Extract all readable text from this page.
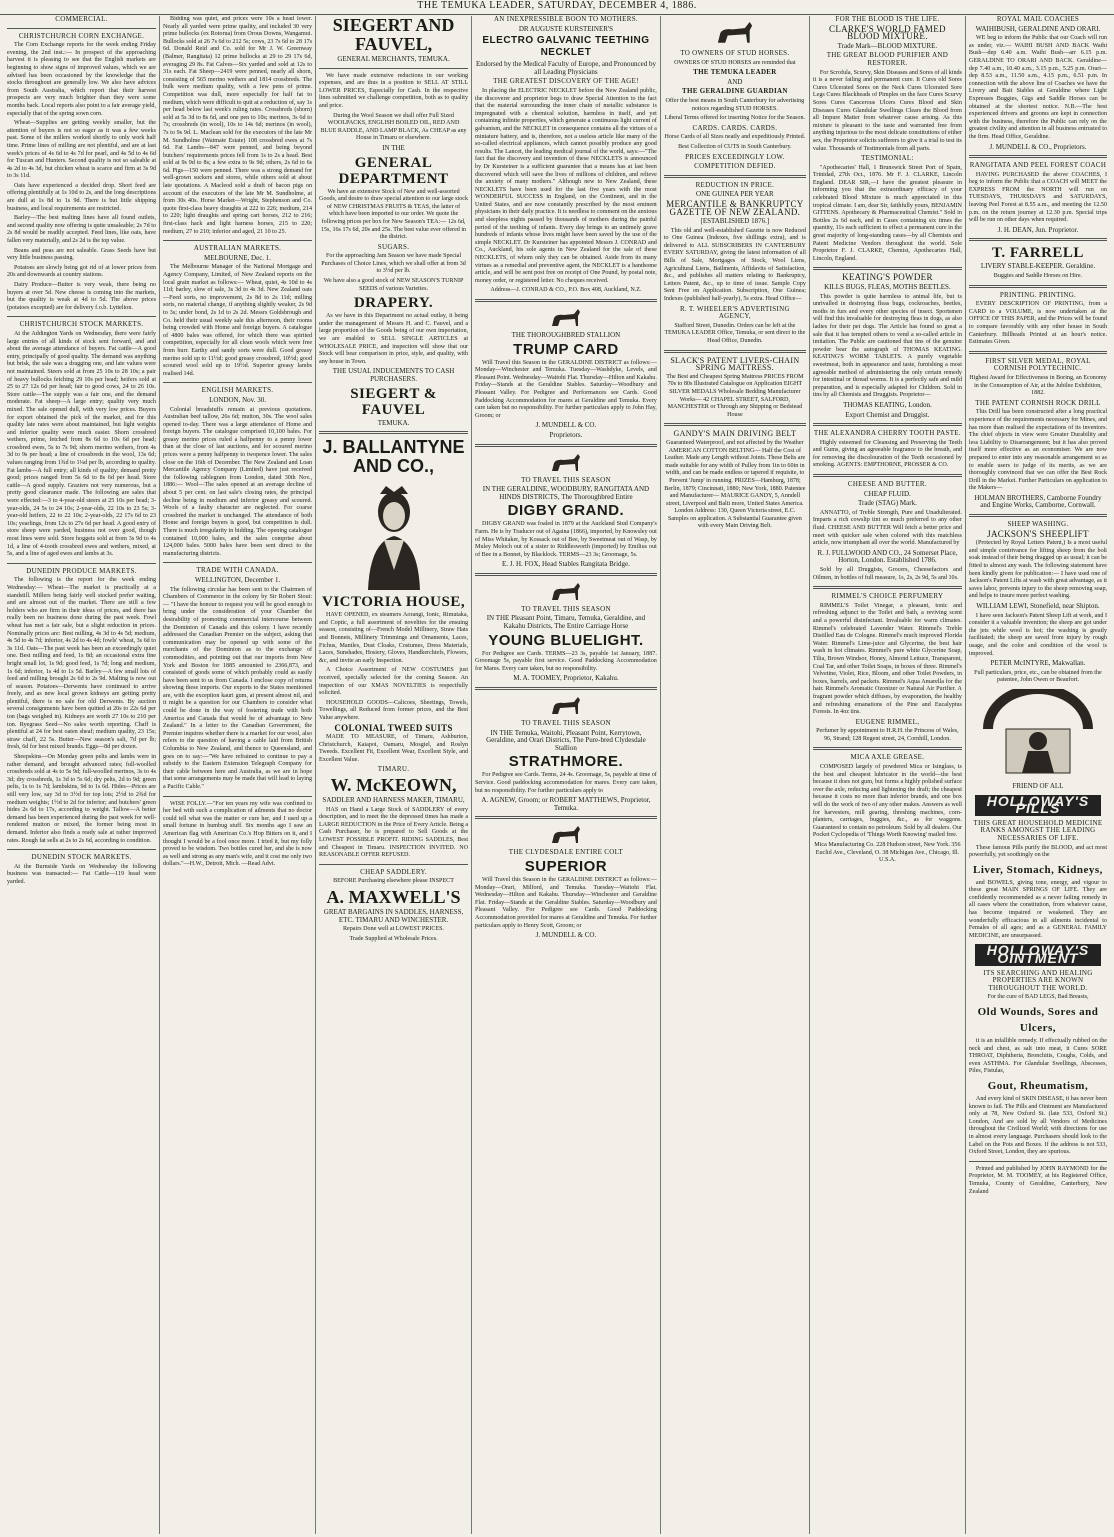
THE TEMUKA LEADER, SATURDAY, DECEMBER 4, 1886.

COMMERCIAL.

CHRISTCHURCH CORN EXCHANGE.

The Corn Exchange reports for the week ending Friday evening, the 2nd inst.:— In prospect of the approaching harvest it is pleasing to see that the English markets are beginning to show signs of improved values, which we are advised has been occasioned by the knowledge that the stocks throughout are generally low. We also have advices from South Australia, which report that their harvest prospects are very much brighter than they were some months back. Local reports also point to a fair average yield, especially that of the spring sown corn.

Wheat—Supplies are getting weekly smaller, but the attention of buyers is not so eager as it was a few weeks past. Some of the millers worked shortly to only work half time. Prime lines of milling are not plentiful, and are at last week's prices of 4s 6d to 4s 7d for pearl, and 4s 5d to 4s 6d for Tuscan and Hunters. Second quality is not so saleable at 4s 2d to 4s 3d, but chicken wheat is scarce and firm at 3s 9d to 3s 11d.

Oats have experienced a decided drop. Short feed are offering plentifully at 1s 10d to 2s, and the long descriptions are dull at 1s 8d to 1s 9d. There is but little shipping business, and local requirements are restricted.

Barley—The best malting lines have all found outlets, and second quality now offering is quite unsaleable; 2s 7d to 2s 8d would be readily accepted. Feed lines, like oats, have fallen very materially, and 2s 2d is the top value.

Beans and peas are not saleable. Grass Seeds have but very little business passing.

Potatoes are slowly being got rid of at lower prices from 20s and downwards at country stations.

Dairy Produce—Butter is very weak, there being no buyers at over 5d. New cheese is coming into the markets, but the quality is weak at 4d to 5d. The above prices (potatoes excepted) are for delivery f.o.b. Lyttelton.

CHRISTCHURCH STOCK MARKETS.

At the Addington Yards on Wednesday, there were fairly large entries of all kinds of stock sent forward, and and about the average attendance of buyers. Fat cattle—A good entry, principally of good quality. The demand was anything but brisk, the sale was a dragging one, and late values were not maintained. Steers sold at from 25 10s to 28 10s; a pair of heavy bullocks fetching 29 10s per head; heifers sold at 25 to 27 12s 6d per head; fair to good cows, 24 to 26 10s. Store cattle—The supply was a fair one, and the demand moderate. Fat sheep—A large entry; quality very much mixed. The sale opened dull, with very low prices. Buyers for export obtained the pick of the market, and for this quality late rates were about maintained, but light weights and inferior quality were much easier. Shorn crossbred wethers, prime, fetched from 8s 6d to 10s 6d per head; crossbred ewes, 5s to 7s 9d; shorn merino wethers, from 4s 3d to 9s per head; a line of crossbreds in the wool, 13s 6d; values ranging from 1¾d to 1¼d per lb, according to quality. Fat lambs—A full entry; all kinds of quality; demand pretty good; prices ranged from 5s 6d to 8s 6d per head. Store cattle—A good supply. Graziers not very numerous, but a pretty good clearance made. The following are sales that were effected:—3 to 4-year-old steers at 25 10s per head; 3-year-olds, 24 5s to 24 10s; 2-year-olds, 22 10s to 23 5s; 3-year-old heifers, 22 to 22 10s; 2-year-olds, 22 17s 6d to 23 10s; yearlings, from 12s to 27s 6d per head. A good entry of store sheep were yarded, business not over good, though most lines were sold. Store hoggets sold at from 3s 9d to 4s 1d, a line of 4-tooth crossbred ewes and wethers, mixed, at 5s, and a line of aged ewes and lambs at 3s.

DUNEDIN PRODUCE MARKETS.

The following is the report for the week ending Wednesday:— Wheat—The market is practically at a standstill. Millers being fairly well stocked prefer waiting, and are almost out of the market. There are still a few holders who are firm in their ideas of prices, and there has really been no business done during the past week. Fowl wheat has met a fair sale, but a slight reduction in prices. Nominally prices are: Best milling, 4s 3d to 4s 5d; medium, 4s 5d to 4s 7d; inferior, 4s 2d to 4s 4d; fowls' wheat, 3s 6d to 3s 11d. Oats—The past week has been an exceedingly quiet one. Best milling and feed, 1s 8d; an occasional extra fine bright small lot, 1s 9d; good feed, 1s 7d; long and medium, 1s 6d; inferior, 1s 4d to 1s 5d. Barley—A few small lots of feed and milling brought 2s 6d to 2s 9d. Malting is now out of season. Potatoes—Derwents have continued to arrive freely, and as new local grown kidneys are getting pretty plentiful, there is no sale for old Derwents. By auction several consignments have been quitted at 20s to 22s 6d per ton (bags weighed in). Kidneys are worth 27 10s to 210 per ton. Ryegrass Seed—No sales worth reporting. Chaff is plentiful at 24 for best oaten sheaf; medium quality, 23 15s; straw chaff, 22 5s. Butter—New season's salt, 7d per lb; fresh, 6d for best mixed brands. Eggs—8d per dozen.

Sheepskins—On Monday green pelts and lambs were in rather demand, and brought advanced rates; full-woolled crossbreds sold at 4s to 5s 9d; full-woolled merinos, 3s to 4s 3d; dry crossbreds, 1s 3d to 5s 6d; dry pelts, 2d to 9d; green pelts, 1s to 1s 7d; lambskins, 9d to 1s 6d. Hides—Prices are still very low, say 3d to 3½d for top lots; 2½d to 2¾d for medium weights; 1½d to 2d for inferior; and butchers' green hides 2s 6d to 17s, according to weight. Tallow—A better demand has been experienced during the past week for well-rendered mutton or mixed, the former being most in demand. Inferior also finds a ready sale at rather improved rates. Rough fat sells at 2s to 2s 6d, according to condition.

DUNEDIN STOCK MARKETS.

At the Burnside Yards on Wednesday the following business was transacted:— Fat Cattle—119 head were yarded.

Bidding was quiet, and prices were 10s a head lower. Nearly all yarded were prime quality, and included 30 very prime bullocks (ex Rotorua) from Orous Downs, Wangamui. Bullocks sold at 26 7s 6d to 212 5s; cows, 23 7s 6d to 28 17s 6d. Donald Reid and Co. sold for Mr J. W. Greenway (Balmer, Rangitata) 12 prime bullocks at 29 to 29 17s 6d, averaging 29 8s. Fat Calves—Six yarded and sold at 12s to 31s each. Fat Sheep—2419 were penned, nearly all shorn, consisting of 565 merino wethers and 1814 crossbreds. The bulk were medium quality, with a few pens of prime. Competition was dull, more especially for half fat to medium, which were difficult to quit at a reduction of, say 1s per head below last week's ruling rates. Crossbreds (shorn) sold at 5s 3d to 8s 6d, and one pen to 10s; merinos, 3s 6d to 7s; crossbreds (in wool), 10s to 14s 6d; merinos (in wool), 7s to 9s 9d. L. Maclean sold for the executors of the late Mr M. Sundholme (Waimate Estate) 108 crossbred ewes at 7s 6d. Fat Lambs—847 were penned, and being beyond butchers' requirements prices fell from 1s to 2s a head. Best sold at 9s 9d to 8s; a few extra to 9s 9d; others, 2s 6d to 6s 6d. Pigs—150 were penned. There was a strong demand for well-grown suckers and stores, while others sold at about late quotations. A Macleod sold a draft of bacon pigs on account of the executors of the late Mr M. Sundholme, at from 30s 40s. Horse Market—Wright, Stephenson and Co. quote first-class heavy draughts at 222 to 226; medium, 214 to 220; light draughts and spring cart horses, 212 to 216; first-class hack and light harness horses, 215 to 220; medium, 27 to 210; inferior and aged, 21 10 to 25.

AUSTRALIAN MARKETS.

MELBOURNE, Dec. 1.

The Melbourne Manager of the National Mortgage and Agency Company, Limited, of New Zealand reports on the local grain market as follows:— Wheat, quiet, 4s 10d to 4s 11d; barley, slow of sale, 3s 3d to 4s 3d. New Zealand oats—Feed sorts, no improvement, 2s 8d to 2s 11d; milling sorts, no material change, if anything slightly weaker, 2s 9d to 3s; under bond, 2s 1d to 2s 2d. Messrs Goldsbrough and Co. held their usual weekly sale this afternoon, their rooms being crowded with Home and foreign buyers. A catalogue of 4800 bales was offered, for which there was spirited competition, especially for all clean wools which were free from burr. Earthy and sandy sorts were dull. Good greasy merino sold up to 11½d; good greasy crossbred, 10½d; good scoured wool sold up to 19½d. Superior greasy lambs realised 14d.

ENGLISH MARKETS.

LONDON, Nov. 30.

Colonial breadstuffs remain at previous quotations. Australian beef tallow, 26s 6d; mutton, 30s. The wool sales opened to-day. There was a large attendance of Home and foreign buyers. The catalogue comprised 10,100 bales. For greasy merino prices ruled a halfpenny to a penny lower than at the close of last auctions, and for scoured merino prices were a penny halfpenny to twopence lower. The sales close on the 16th of December. The New Zealand and Loan Mercantile Agency Company (Limited) have just received the following cablegram from London, dated 30th Nov., 1886:— Wool—The sales opened at an average decline of about 5 per cent. on last sale's closing rates, the principal decline being in medium and inferior greasy and scoured. Wools of a faulty character are neglected. For coarse crossbred the market is unchanged. The attendance of both Home and foreign buyers is good, but competition is dull. There is much irregularity in bidding. The opening catalogue contained 10,000 bales, and the sales comprise about 124,000 bales. 5000 bales have been sent direct to the manufacturing districts.

TRADE WITH CANADA.

WELLINGTON, December 1.

The following circular has been sent to the Chairmen of Chambers of Commerce in the colony by Sir Robert Stout:— "I have the honour to request you will be good enough to bring under the consideration of your Chamber the desirability of promoting commercial intercourse between the Dominion of Canada and this colony. I have recently addressed the Canadian Premier on the subject, asking that communication may be opened up with some of the merchants of the Dominion as to the exchange of commodities, and pointing out that our imports from New York and Boston for 1885 amounted to 2366,873, and consisted of goods some of which probably could as easily have been sent to us from Canada. I enclose copy of returns showing these imports. Our exports to the States mentioned are, with the exception kauri gum, at present almost nil, and it might be a question for our Chambers to consider what could be done in the way of fostering trade with both America and Canada that would be of advantage to New Zealand." In a letter to the Canadian Government, the Premier inquires whether there is a market for our wool, also refers to the question of having a cable laid from British Columbia to New Zealand, and thence to Queensland, and goes on to say:—"We have refrained to continue to pay a subsidy to the Eastern Extension Telegraph Company for their cable between here and Australia, as we are in hope that some arrangements may be made that will lead to laying a Pacific Cable."

WISE FOLLY.—"For ten years my wife was confined to her bed with such a complication of ailments that no doctor could tell what was the matter or cure her, and I used up a small fortune in humbug stuff. Six months ago I saw an American flag with American Co.'s Hop Bitters on it, and I thought I would be a fool once more. I tried it, but my folly proved to be wisdom. Two bottles cured her, and she is now as well and strong as any man's wife, and it cost me only two dollars."—H.W., Detroit, Mich. —Read Advt.

SIEGERT AND FAUVEL,

GENERAL MERCHANTS, TEMUKA.

We have made extensive reductions in our working expenses, and are thus in a position to SELL AT STILL LOWER PRICES, Especially for Cash. In the respective lines submitted we challenge competition, both as to quality and price.

During the Wool Season we shall offer Full Sized WOOLPACKS, ENGLISH BOILED OIL, RED AND BLUE RADDLE, AND LAMP BLACK, As CHEAP as any House in Timaru or elsewhere.

IN THE

GENERAL DEPARTMENT

We have an extensive Stock of New and well-assorted Goods, and desire to draw special attention to our large stock of NEW CHRISTMAS FRUITS & TEAS, the latter of which have been imported to our order. We quote the following prices per box for New Season's TEA:— 12s 6d, 15s, 16s 17s 6d, 20s and 25s. The best value ever offered in the district.

SUGARS.

For the approaching Jam Season we have made Special Purchases of Choice Lines, which we shall offer at from 3d to 3½d per lb.

We have also a good stock of NEW SEASON'S TURNIP SEEDS of various Varieties.

DRAPERY.

As we have in this Department no actual outlay, it being under the management of Messrs H. and C. Fauvel, and a large proportion of the Goods being of our own importation, we are enabled to SELL SINGLE ARTICLES at WHOLESALE PRICE, and inspection will show that our Stock will bear comparison in price, style, and quality, with any house in Town.

THE USUAL INDUCEMENTS TO CASH PURCHASERS.

SIEGERT & FAUVEL

TEMUKA.

J. BALLANTYNE AND CO.,

VICTORIA HOUSE,

HAVE OPENED, ex steamers Aorangi, Ionic, Rimutaka, and Coptic, a full assortment of novelties for the ensuing season, consisting of—French Model Millinery, Straw Hats and Bonnets, Millinery Trimmings and Ornaments, Laces, Fichus, Mantles, Dust Cloaks, Costumes, Dress Materials, Laces, Sunshades, Hosiery, Gloves, Handkerchiefs, Flowers, &c, and invite an early Inspection.

A Choice Assortment of NEW COSTUMES just received, specially selected for the coming Season. An inspection of our XMAS NOVELTIES is respectfully solicited.

HOUSEHOLD GOODS—Calicoes, Sheetings, Towels, Towellings, all Reduced from former prices, and the Best Value anywhere.

COLONIAL TWEED SUITS

MADE TO MEASURE, of Timaru, Ashburton, Christchurch, Kaiapoi, Oamaru, Mosgiel, and Roslyn Tweeds. Excellent Fit, Excellent Wear, Excellent Style, and Excellent Value.

TIMARU.

W. McKEOWN,

SADDLER AND HARNESS MAKER, TIMARU,

HAS on Hand a Large Stock of SADDLERY of every description, and to meet the the depressed times has made a LARGE REDUCTION in the Price of Every Article. Being a Cash Purchaser, he is prepared to Sell Goods at the LOWEST POSSIBLE PROFIT. RIDING SADDLES, Best and Cheapest in Timaru. INSPECTION INVITED. NO REASONABLE OFFER REFUSED.

CHEAP SADDLERY.

BEFORE Purchasing elsewhere please INSPECT

A. MAXWELL'S

GREAT BARGAINS IN SADDLES, HARNESS, ETC. TIMARU AND WINCHESTER.

Repairs Done well at LOWEST PRICES.

Trade Supplied at Wholesale Prices.

AN INEXPRESSIBLE BOON TO MOTHERS.

DR AUGUSTE KURSTEINER'S

ELECTRO GALVANIC TEETHING NECKLET

Endorsed by the Medical Faculty of Europe, and Pronounced by all Leading Physicians

THE GREATEST DISCOVERY OF THE AGE!

In placing the ELECTRIC NECKLET before the New Zealand public, the discoverer and proprietor begs to draw Special Attention to the fact that the material surrounding the inner chain of metallic substance is impregnated with a chemical solution, harmless in itself, and yet containing infinite properties, which generate a continuous light current of galvanism, and the NECKLET in consequence contains all the virtues of a miniature battery, and is, therefore, not a useless article like many of the so-called electrical appliances, which cannot possibly produce any good results. The Lancet, the leading medical journal of the world, says:—"The fact that the discovery and invention of these NECKLETS is announced by Dr Kursteiner is a sufficient guarantee that a means has at last been discovered which will save the lives of millions of children, and relieve the anxiety of many mothers." Although new to New Zealand, these NECKLETS have been used for the last five years with the most WONDERFUL SUCCESS in England, on the Continent, and in the United States, and are now constantly prescribed by the most eminent physicians in their daily practice. It is needless to comment on the anxious and sleepless nights passed by thousands of mothers during the painful period of the teething of infants. Every day brings to an untimely grave hundreds of infants whose lives might have been saved by the use of the simple NECKLET. Dr Kursteiner has appointed Messrs J. CONRAD and Co., Auckland, his sole agents in New Zealand for the sale of these NECKLETS, of whom only they can be obtained. Aside from its many virtues as a remedial and preventive agent, the NECKLET is a handsome article, and will be sent post free on receipt of One Pound, by postal note, money order, or registered letter. No cheques received.

Address—J. CONRAD & CO., P.O. Box 408, Auckland, N.Z.

THE THOROUGHBRED STALLION

TRUMP CARD

Will Travel this Season in the GERALDINE DISTRICT as follows:— Monday—Winchester and Temuka. Tuesday—Washdyke, Levels, and Pleasant Point. Wednesday—Waitohi Flat. Thursday—Hilton and Kakahu. Friday—Stands at the Geraldine Stables. Saturday—Woodbury and Pleasant Valley. For Pedigree and Performances see Cards. Good Paddocking Accommodation for mares at Geraldine and Temuka. Every care taken but no responsibility. For further particulars apply to John Hay, Groom; or

J. MUNDELL & CO.

Proprietors.

TO TRAVEL THIS SEASON

IN THE GERALDINE, WOODBURY, RANGITATA AND HINDS DISTRICTS, The Thoroughbred Entire

DIGBY GRAND.

DIGBY GRAND was foaled in 1879 at the Auckland Stud Company's Farm. He is by Traducer out of Againa (1866), imported, by Knowsley out of Miss Whitaker, by Kossack out of Bee, by Sweetmeat out of Wasp, by Muley Moloch out of a sister to Riddlesworth (imported) by Emilius out of Bee in a Bonnet, by Blacklock. TERMS—23 3s; Groomage, 5s.

E. J. H. FOX, Head Stables Rangitata Bridge.

TO TRAVEL THIS SEASON

IN THE Pleasant Point, Timaru, Temuka, Geraldine, and Kakahu Districts, The Entire Carriage Horse

YOUNG BLUELIGHT.

For Pedigree see Cards. TERMS—23 3s, payable 1st January, 1887. Groomage 5s, payable first service. Good Paddocking Accommodation for Mares. Every care taken, but no responsibility.

M. A. TOOMEY, Proprietor, Kakahu.

TO TRAVEL THIS SEASON

IN THE Temuka, Waitohi, Pleasant Point, Kerrytown, Geraldine, and Orari Districts, The Pure-bred Clydesdale Stallion

STRATHMORE.

For Pedigree see Cards. Terms, 24 4s. Groomage, 5s, payable at time of Service. Good paddocking accommodation for mares. Every care taken, but no responsibility. For further particulars apply to

A. AGNEW, Groom; or ROBERT MATTHEWS, Proprietor, Temuka.

THE CLYDESDALE ENTIRE COLT

SUPERIOR

Will Travel this Season in the GERALDINE DISTRICT as follows:— Monday—Orari, Milford, and Temuka. Tuesday—Waitohi Flat. Wednesday—Hilton and Kakahu. Thursday—Winchester and Geraldine Flat. Friday—Stands at the Geraldine Stables. Saturday—Woodbury and Pleasant Valley. For Pedigree see Cards. Good Paddocking Accommodation provided for mares at Geraldine and Temuka. For further particulars apply to Henry Scott, Groom; or

J. MUNDELL & CO.

TO OWNERS OF STUD HORSES.

OWNERS OF STUD HORSES are reminded that

THE TEMUKA LEADER

AND

THE GERALDINE GUARDIAN

Offer the best means in South Canterbury for advertising notices regarding STUD HORSES.

Liberal Terms offered for inserting Notice for the Season.

CARDS. CARDS. CARDS.

Horse Cards of all Sizes neatly and expeditiously Printed.

Best Collection of CUTS in South Canterbury.

PRICES EXCEEDINGLY LOW.

COMPETITION DEFIED.

REDUCTION IN PRICE.

ONE GUINEA PER YEAR

MERCANTILE & BANKRUPTCY GAZETTE OF NEW ZEALAND.

[ESTABLISHED 1876.]

This old and well-established Gazette is now Reduced to One Guinea (Indexes, five shillings extra), and is delivered to ALL SUBSCRIBERS IN CANTERBURY EVERY SATURDAY, giving the latest information of all Bills of Sale, Mortgages of Stock, Wool Liens, Agricultural Liens, Bailments, Affidavits of Satisfaction, &c., and publishes all matters relating to Bankruptcy, Letters Patent, &c., up to time of issue. Sample Copy Sent Free on Application. Subscription, One Guinea; Indexes (published half-yearly), 5s extra. Head Office—

R. T. WHEELER'S ADVERTISING AGENCY,

Stafford Street, Dunedin. Orders can be left at the TEMUKA LEADER Office, Temuka, or sent direct to the Head Office, Dunedin.

SLACK'S PATENT LIVERS-CHAIN SPRING MATTRESS.

The Best and Cheapest Spring Mattress PRICES FROM 70s to 80s Illustrated Catalogue on Application EIGHT SILVER MEDALS Wholesale Bedding Manufacturer Works— 42 CHAPEL STREET, SALFORD, MANCHESTER or Through any Shipping or Bedstead House

GANDY'S MAIN DRIVING BELT

Guaranteed Waterproof, and not affected by the Weather AMERICAN COTTON BELTING— Half the Cost of Leather. Made any Length without Joints. These Belts are made suitable for any width of Pulley from 1in to 60in in width, and can be made endless or tapered if requisite, to Prevent 'Jump' in running. PRIZES—Hamburg, 1878; Berlin, 1879; Cincinnati, 1880; New York, 1880. Patentee and Manufacturer— MAURICE GANDY, 5, Anndell street, Liverpool and Balti more, United States America. London Address: 130, Queen Victoria street, E.C. Samples on application. A Substantial Guarantee given with every Main Driving Belt.

FOR THE BLOOD IS THE LIFE.

CLARKE'S WORLD FAMED BLOOD MIXTURE.

Trade Mark—BLOOD MIXTURE.

THE GREAT BLOOD PURIFIER AND RESTORER.

For Scrofula, Scurvy, Skin Diseases and Sores of all kinds it is a never failing and permanent cure. It Cures old Sores Cures Ulcerated Sores on the Neck Cures Ulcerated Sore Legs Cures Blackheads of Pimples on the face Cures Scurvy Sores Cures Cancerous Ulcers Cures Blood and Skin Diseases Cures Glandular Swellings Clears the Blood from all Impure Matter from whatever cause arising. As this mixture is pleasant to the taste and warranted free from anything injurious to the most delicate constitutions of either sex, the Proprietor solicits sufferers to give it a trial to test its value. Thousands of Testimonials from all parts.

TESTIMONIAL:

"Apothecaries' Hall, 1 Brunswick Street Port of Spain, Trinidad, 27th Oct., 1876. Mr F. J. CLARKE, Lincoln England. DEAR SIR,—I have the greatest pleasure in informing you that the extraordinary efficacy of your celebrated Blood Mixture is much appreciated in this tropical climate. I am, dear Sir, faithfully yours, BENJAMIN GITTENS. Apothecary & Pharmaceutical Chemist." Sold in Bottles 2s 6d each, and in Cases containing six times the quantity, 11s each sufficient to effect a permanent cure in the great majority of long-standing cases—by all Chemists and Patent Medicine Vendors throughout the world. Sole Proprietor F. J. CLARKE, Chemist, Apothecaries Hall, Lincoln, England.

KEATING'S POWDER

KILLS BUGS, FLEAS, MOTHS BEETLES.

This powder is quite harmless to animal life, but is unrivalled in destroying fleas bugs, cockroaches, beetles, moths in furs and every other species of insect. Sportsmen will find this invaluable for destroying fleas in dogs, as also ladies for their pet dogs. The Article has found so great a sale that it has tempted others to vend a so-called article in imitation. The Public are cautioned that tins of the genuine powder bear the autograph of THOMAS KEATING. KEATING'S WORM TABLETS. A purely vegetable sweetmeat, both in appearance and taste, furnishing a most agreeable method of administering the only certain remedy for intestinal or thread worms. It is a perfectly safe and mild preparation, and is especially adapted for Children. Sold in tins by all Chemists and Druggists. Proprietor—

THOMAS KEATING, London.

Export Chemist and Druggist.

THE ALEXANDRA CHERRY TOOTH PASTE.

Highly esteemed for Cleansing and Preserving the Teeth and Gums, giving an agreeable fragrance to the breath, and for removing the discolouration of the Teeth occasioned by smoking. AGENTS: EMPTHORNE, PROSSER & CO.

CHEESE AND BUTTER.

CHEAP FLUID.

Trade (STAG) Mark.

ANNATTO, of Treble Strength, Pure and Unadulterated. Imparts a rich cowslip tint so much preferred to any other fluid. CHEESE AND BUTTER Will fetch a better price and meet with quicker sale when colored with this matchless article, now triumphant all over the world. Manufactured by

R. J. FULLWOOD AND CO., 24 Somerset Place, Horton, London. Established 1786.

Sold by all Druggists, Grocers, Cheesefactors and Oilmen, in bottles of full measure, 1s, 2s, 2s 9d, 5s and 10s.

RIMMEL'S CHOICE PERFUMERY

RIMMEL'S Toilet Vinegar, a pleasant, tonic and refreshing adjunct to the Toilet and bath, a reviving scent and a powerful disinfectant. Invaluable for warm climates. Rimmel's celebrated Lavender Water. Rimmel's Treble Distilled Eau de Cologne. Rimmel's much improved Florida Water. Rimmel's Lime-juice and Glycerine, the best hair wash in hot climates. Rimmel's pure white Glycerine Soap, Tilia, Brown Windsor, Honey, Almond Lettuce, Transparent, Coal Tar, and other Toilet Soaps, in boxes of three. Rimmel's Velvetine, Violet, Rice, Bloom, and other Toilet Powders, in boxes, barrels, and packets. Rimmel's Aqua Amarella for the hair. Rimmel's Aromatic Ozonizer or Natural Air Purifier. A fragrant powder which diffuses, by evaporation, the healthy and refreshing emanations of the Pine and Eucalyptus Forests. In 4oz tins.

EUGENE RIMMEL,

Perfumer by appointment to H.R.H. the Princess of Wales, 96, Strand; 128 Regent street, 24, Cornhill, London.

MICA AXLE GREASE.

COMPOSED largely of powdered Mica or Isinglass, is the best and cheapest lubricator in the world—the best because it does not gum, but forms a highly polished surface over the axle, reducing and lightening the draft; the cheapest because it costs no more than inferior brands, and one box will do the work of two of any other makes. Answers as well for harvesters, mill gearing, threshing machines, corn-planters, carriages, buggies, &c., as for waggons. Guaranteed to contain no petroleum. Sold by all dealers. Our Pocket Cyclopedia of 'Things Worth Knowing' mailed free.

Mica Manufacturing Co. 228 Hudson street, New York. 356 Euclid Ave., Cleveland, O. 38 Michigan Ave., Chicago, Ill. U.S.A.

ROYAL MAIL COACHES

WAIHIBUSH, GERALDINE AND ORARI.

WE beg to inform the Public that our Coach will run as under, viz.— WAIHI BUSH AND BACK Waihi Bush—dep 6.40 a.m. Waihi Bush—arr 6.15 p.m. GERALDINE TO ORARI AND BACK. Geraldine—dep 7.40 a.m., 10.40 a.m., 3.15 p.m., 5.25 p.m. Orari—dep 8.53 a.m., 11.50 a.m., 4.15 p.m., 6.51 p.m. In connection with the above line of Coaches we have the Livery and Bait Stables at Geraldine where Light Expresses Buggies, Gigs and Saddle Horses can be obtained at the shortest notice. N.B.—The best experienced drivers and grooms are kept in connection with the business, therefore the Public can rely on the greatest civility and attention in all business entrusted to the firm. Head Office, Geraldine.

J. MUNDELL & CO., Proprietors.

RANGITATA AND PEEL FOREST COACH

HAVING PURCHASED the above COACHES, I beg to inform the Public that a COACH will MEET the EXPRESS FROM the NORTH will run on TUESDAYS, THURSDAYS and SATURDAYS, leaving Peel Forest at 8.55 a.m., and meeting the 12.50 p.m. on the return journey at 12.30 p.m. Special trips will be run on other days when required.

J. H. DEAN, Jun. Proprietor.

T. FARRELL

LIVERY STABLE-KEEPER. Geraldine.

Buggies and Saddle Horses on Hire.

PRINTING. PRINTING.

EVERY DESCRIPTION OF PRINTING, from a CARD to a VOLUME, is now undertaken at the OFFICE OF THIS PAPER, and the Prices will be found to compare favorably with any other house in South Canterbury. Billheads Printed at an hour's notice. Estimates Given.

FIRST SILVER MEDAL, ROYAL CORNISH POLYTECHNIC.

Highest Award for Effectiveness in Boring, an Economy in the Consumption of Air, at the Jubilee Exhibition, 1882.

THE PATENT CORNISH ROCK DRILL

This Drill has been constructed after a long practical experience of the requirements necessary for Mines, and has more than realised the expectations of its inventors. The chief objects in view were Greater Durability and less Liability to Disarrangement; but it has also proved itself more effective as an economiser. We are now prepared to enter into any reasonable arrangement so as to enable users to judge of its merits, as we are thoroughly convinced that we can offer the Best Rock Drill in the Market. Further Particulars on application to the Makers—

HOLMAN BROTHERS, Camborne Foundry and Engine Works, Camborne, Cornwall.

SHEEP WASHING.

JACKSON'S SHEEPLIFT

(Protected by Royal Letters Patent,) Is a most useful and simple contrivance for lifting sheep from the bolt soak instead of their being dragged up as usual; it can be fitted to almost any wash. The following statement have been kindly given for publication:— I have used one of Jackson's Patent Lifts at wash with great advantage, as it saves labor, prevents injury to the sheep removing soap, and helps to insure more perfect washing.

WILLIAM LEWI, Stonefield, near Shipton.

I have seen Jackson's Patent Sheep Lift at work, and I consider it a valuable invention; the sheep are got under the jets while wool is hot; the washing is greatly facilitated; the sheep are saved from injury by rough usage, and the color and condition of the wool is improved.

PETER McINTYRE, Makwallan.

Full particulars, price, etc., can be obtained from the patentee, John Owen or Beaufort.

FRIEND OF ALL

HOLLOWAY'S PILLS

THIS GREAT HOUSEHOLD MEDICINE RANKS AMONGST THE LEADING NECESSARIES OF LIFE.

These famous Pills purify the BLOOD, and act most powerfully, yet soothingly on the

Liver, Stomach, Kidneys,

and BOWELS, giving tone, energy, and vigour to these great MAIN SPRINGS OF LIFE. They are confidently recommended as a never failing remedy in all cases where the constitution, from whatever cause, has become impaired or weakened. They are wonderfully efficacious in all ailments incidental to Females of all ages; and as a GENERAL FAMILY MEDICINE, are unsurpassed.

HOLLOWAY'S OINTMENT

ITS SEARCHING AND HEALING PROPERTIES ARE KNOWN THROUGHOUT THE WORLD.

For the cure of BAD LEGS, Bad Breasts,

Old Wounds, Sores and Ulcers,

it is an infallible remedy. If effectually rubbed on the neck and chest, as salt into meat, it Cures SORE THROAT, Diphtheria, Bronchitis, Coughs, Colds, and even ASTHMA. For Glandular Swellings, Abscesses, Piles, Fistulas,

Gout, Rheumatism,

And every kind of SKIN DISEASE, it has never been known to fail. The Pills and Ointment are Manufactured only at 78, New Oxford St. (late 533, Oxford St.) London, And are sold by all Vendors of Medicines throughout the Civilized World; with directions for use in almost every language. Purchasers should look to the Label on the Pots and Boxes. If the address is not 533, Oxford Street, London, they are spurious.

Printed and published by JOHN RAYMOND for the Proprietor, M. M. TOOMEY, at his Registered Office, Temuka, County of Geraldine, Canterbury, New Zealand
